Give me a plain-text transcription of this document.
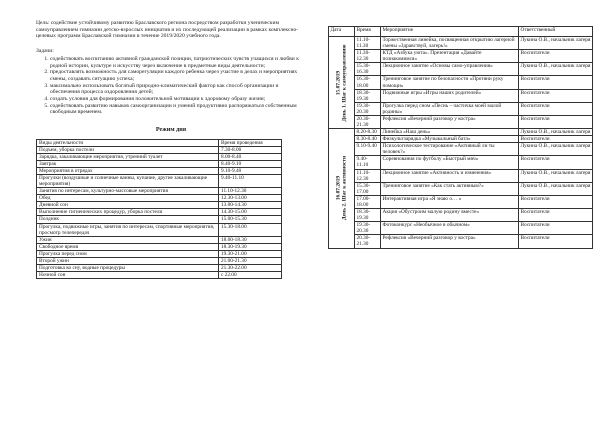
Цель: содействие устойчивому развитию Браславского региона посредством разработки ученическим самоуправлением гимназии детско-взрослых инициатив и их последующей реализации в рамках комплексно-целевых программ Браславской гимназии в течение 2019/2020 учебного года.

Задачи:

1. содействовать воспитанию активной гражданской позиции, патриотических чувств учащихся и любви к родной истории, культуре и искусству через включение в предметные виды деятельности;
2. предоставлять возможность для саморегуляции каждого ребенка через участие в делах и мероприятиях смены, создавать ситуацию успеха;
3. максимально использовать богатый природно-климатический фактор как способ организации и обеспечения процесса оздоровления детей;
4. создать условия для формирования положительной мотивации к здоровому образу жизни;
5. содействовать развитию навыков самоорганизации и умений продуктивно распоряжаться собственным свободным временем.

Режим дня

Виды деятельности	Время проведения
Подъем, уборка постели	7.30-8.00
Зарядка, закаливающие мероприятия, утренний туалет	8.00-8.40
Завтрак	8.40-9.10
Мероприятия в отрядах	9.10-9.40
Прогулки (воздушные и солнечные ванны, купание, другие закаливающие мероприятия)	9.40-11.10
Занятия по интересам, культурно-массовые мероприятия	11.10-12.30
Обед	12.30-13.00
Дневной сон	13.00-14.30
Выполнение гигиенических процедур, уборка постели	14.30-15.00
Полдник	15.00-15.30
Прогулка, подвижные игры, занятия по интересам, спортивные мероприятия, просмотр телепередач	15.30-18.00
Ужин	18.00-18.30
Свободное время	18.30-19.30
Прогулка перед сном	19.30-21.00
Второй ужин	21.00-21.30
Подготовка ко сну, водные процедуры	21.30-22.00
Ночной сон	с 22.00
Дата	Время	Мероприятие	Ответственный

15.07.2019 День 1. Шаг к самоуправлению	11.10-11.30	Торжественная линейка, посвященная открытию лагерной смены «Здравствуй, лагерь!»	Лукина О.В., начальник лагеря
	11.30-12.30	КТД «Азбука уюта». Презентация «Давайте познакомимся»	Воспитатели
	15.30-16.30	Лекционное занятие «Основы само-управления»	Лукина О.В., начальник лагеря
	16.30-18.00	Тренинговое занятие по безопасности «Протяни руку помощи»	Воспитатели
	18.30-19.30	Подвижные игры «Игры наших родителей»	Воспитатели
	19.30-20.30	Прогулка перед сном «Песнь – частичка моей малой родины»	Воспитатели
	20.30-21.30	Рефлексия «Вечерний разговор у костра»	Воспитатели

16.07.2019 День 2. Шаг к активности	8.20-8.30	Линейка «Наш день»	Лукина О.В., начальник лагеря
	8.30-8.40	Физкультзарядка «Музыкальный батл»	Воспитатели
	9.10-9.40	Психологическое тестирование «Активный ли ты человек?»	Лукина О.В., начальник лагеря
	9.40-11.10	Соревнования по футболу «Быстрый мяч»	Воспитатели
	11.10-12.30	Лекционное занятие «Активность и изменения»	Лукина О.В., начальник лагеря
	15.30-17.00	Тренинговое занятие «Как стать активным?»	Лукина О.В., начальник лагеря
	17.00-18.00	Интерактивная игра «Я знаю о… »	Воспитатели
	18.30-19.30	Акция «Обустроим малую родину вместе»	Воспитатели
	19.30-20.30	Фотоконкурс «Необычное в обычном»	Воспитатели
	20.30-21.30	Рефлексия «Вечерний разговор у костра»	Воспитатели
